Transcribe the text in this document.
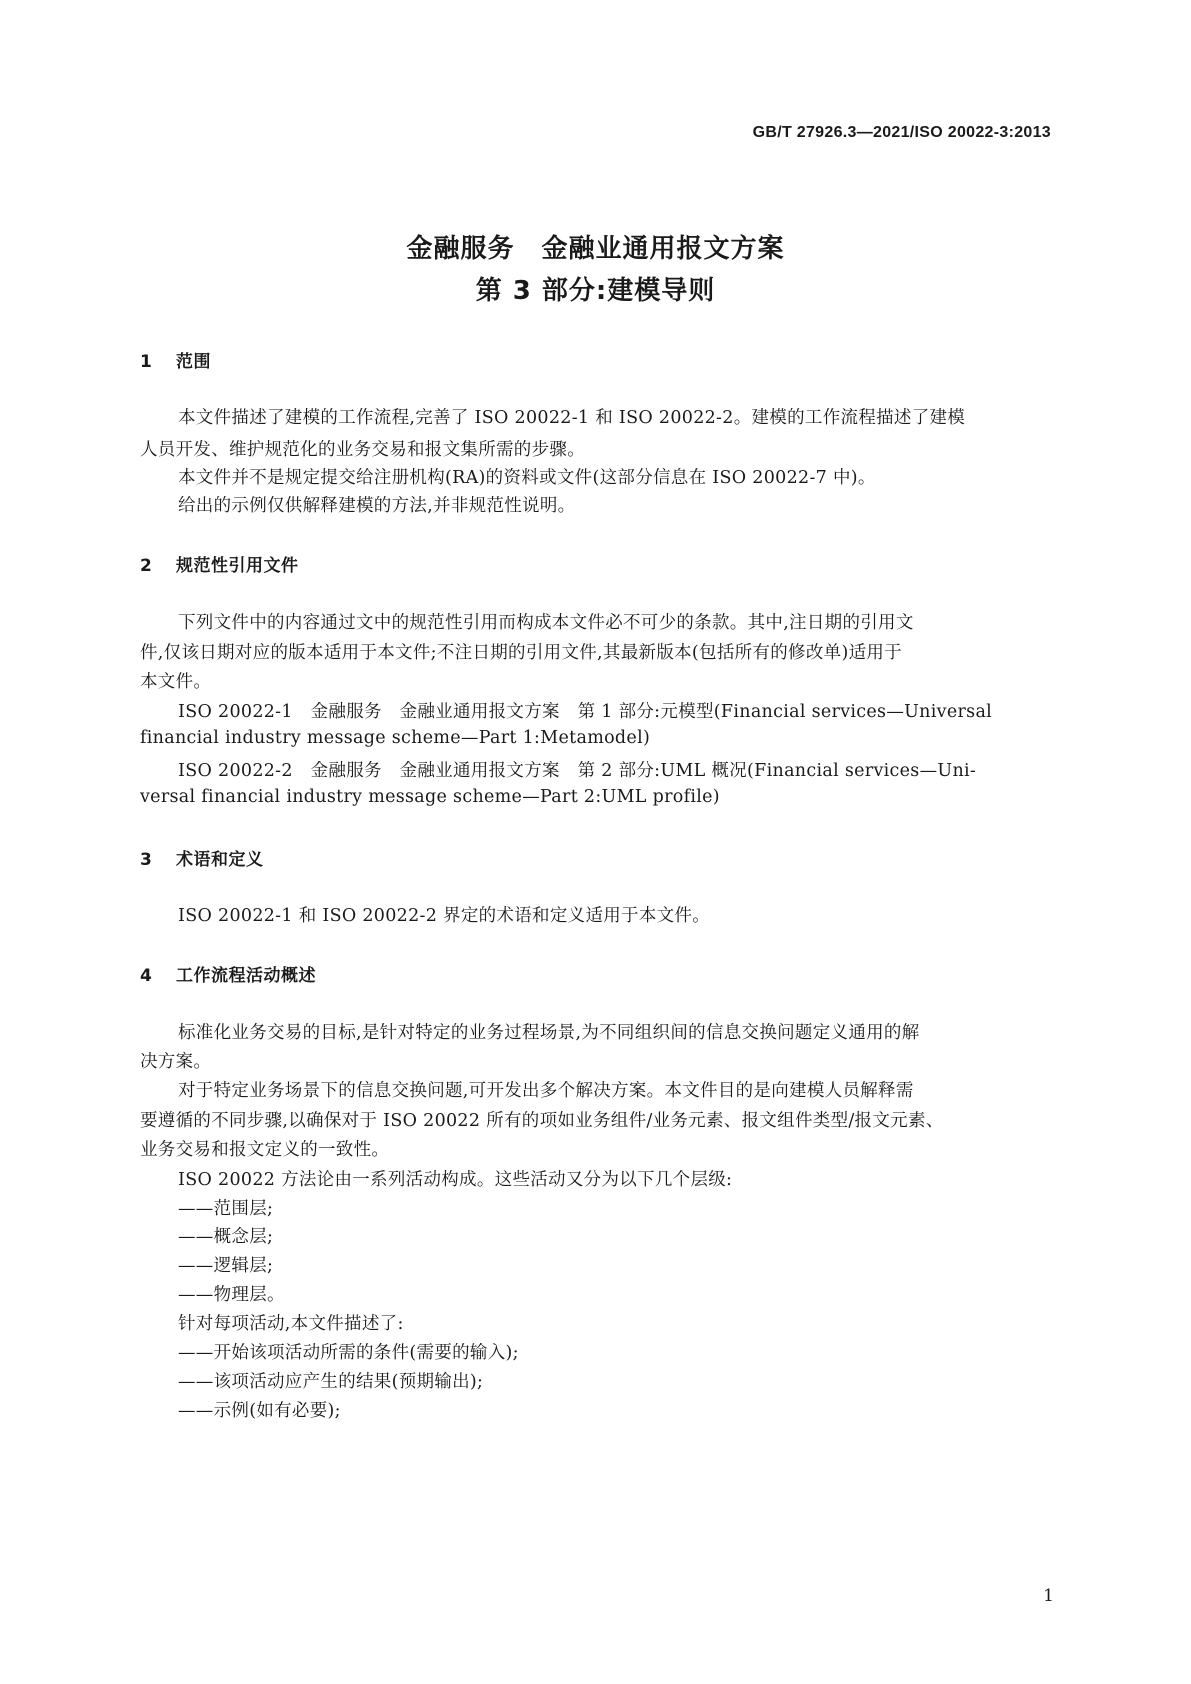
GB/T 27926.3—2021/ISO 20022-3:2013
金融服务　金融业通用报文方案
第 3 部分:建模导则
1 范围
本文件描述了建模的工作流程,完善了 ISO 20022-1 和 ISO 20022-2。建模的工作流程描述了建模
人员开发、维护规范化的业务交易和报文集所需的步骤。
本文件并不是规定提交给注册机构(RA)的资料或文件(这部分信息在 ISO 20022-7 中)。
给出的示例仅供解释建模的方法,并非规范性说明。
2 规范性引用文件
下列文件中的内容通过文中的规范性引用而构成本文件必不可少的条款。其中,注日期的引用文
件,仅该日期对应的版本适用于本文件;不注日期的引用文件,其最新版本(包括所有的修改单)适用于
本文件。
ISO 20022-1　金融服务　金融业通用报文方案　第 1 部分:元模型(Financial services—Universal
financial industry message scheme—Part 1:Metamodel)
ISO 20022-2　金融服务　金融业通用报文方案　第 2 部分:UML 概况(Financial services—Uni-
versal financial industry message scheme—Part 2:UML profile)
3 术语和定义
ISO 20022-1 和 ISO 20022-2 界定的术语和定义适用于本文件。
4 工作流程活动概述
标准化业务交易的目标,是针对特定的业务过程场景,为不同组织间的信息交换问题定义通用的解
决方案。
对于特定业务场景下的信息交换问题,可开发出多个解决方案。本文件目的是向建模人员解释需
要遵循的不同步骤,以确保对于 ISO 20022 所有的项如业务组件/业务元素、报文组件类型/报文元素、
业务交易和报文定义的一致性。
ISO 20022 方法论由一系列活动构成。这些活动又分为以下几个层级:
——范围层;
——概念层;
——逻辑层;
——物理层。
针对每项活动,本文件描述了:
——开始该项活动所需的条件(需要的输入);
——该项活动应产生的结果(预期输出);
——示例(如有必要);
1
